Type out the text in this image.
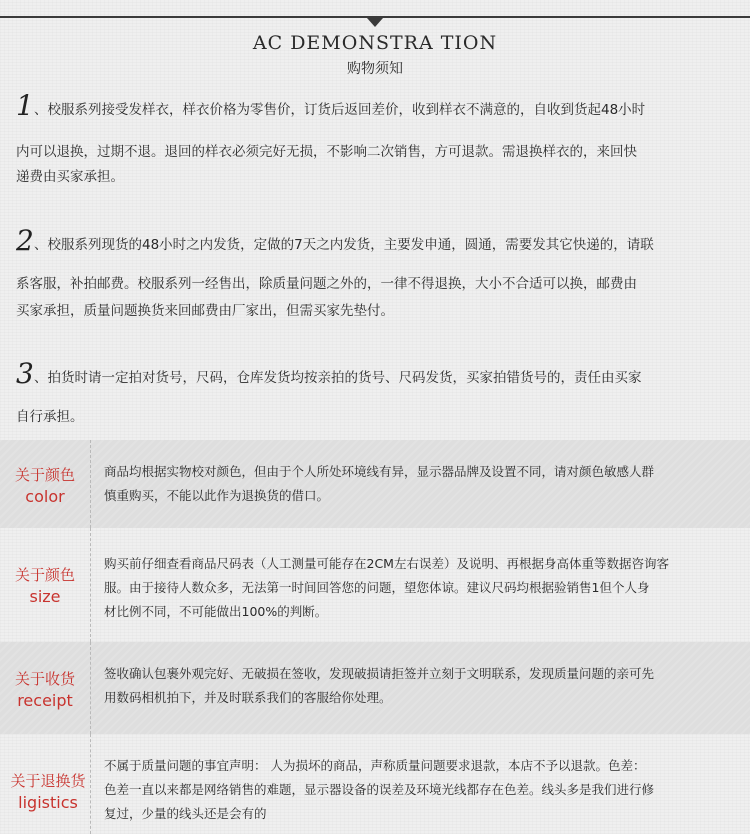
AC DEMONSTRA TION
购物须知
1 、校服系列接受发样衣，样衣价格为零售价，订货后返回差价，收到样衣不满意的，自收到货起48小时
内可以退换，过期不退。退回的样衣必须完好无损，不影响二次销售，方可退款。需退换样衣的，来回快
递费由买家承担。
2 、校服系列现货的48小时之内发货，定做的7天之内发货，主要发申通，圆通，需要发其它快递的，请联
系客服，补拍邮费。校服系列一经售出，除质量问题之外的，一律不得退换，大小不合适可以换，邮费由
买家承担，质量问题换货来回邮费由厂家出，但需买家先垫付。
3 、拍货时请一定拍对货号，尺码，仓库发货均按亲拍的货号、尺码发货，买家拍错货号的，责任由买家
自行承担。
关于颜色
color
商品均根据实物校对颜色，但由于个人所处环境线有异，显示器品牌及设置不同，请对颜色敏感人群
慎重购买，不能以此作为退换货的借口。
关于颜色
size
购买前仔细查看商品尺码表（人工测量可能存在2CM左右误差）及说明、再根据身高体重等数据咨询客
服。由于接待人数众多，无法第一时间回答您的问题，望您体谅。建议尺码均根据验销售1但个人身
材比例不同，不可能做出100%的判断。
关于收货
receipt
签收确认包裹外观完好、无破损在签收，发现破损请拒签并立刻于文明联系，发现质量问题的亲可先
用数码相机拍下，并及时联系我们的客服给你处理。
关于退换货
ligistics
不属于质量问题的事宜声明： 人为损坏的商品，声称质量问题要求退款，本店不予以退款。色差：
色差一直以来都是网络销售的难题，显示器设备的误差及环境光线都存在色差。线头多是我们进行修
复过，少量的线头还是会有的
